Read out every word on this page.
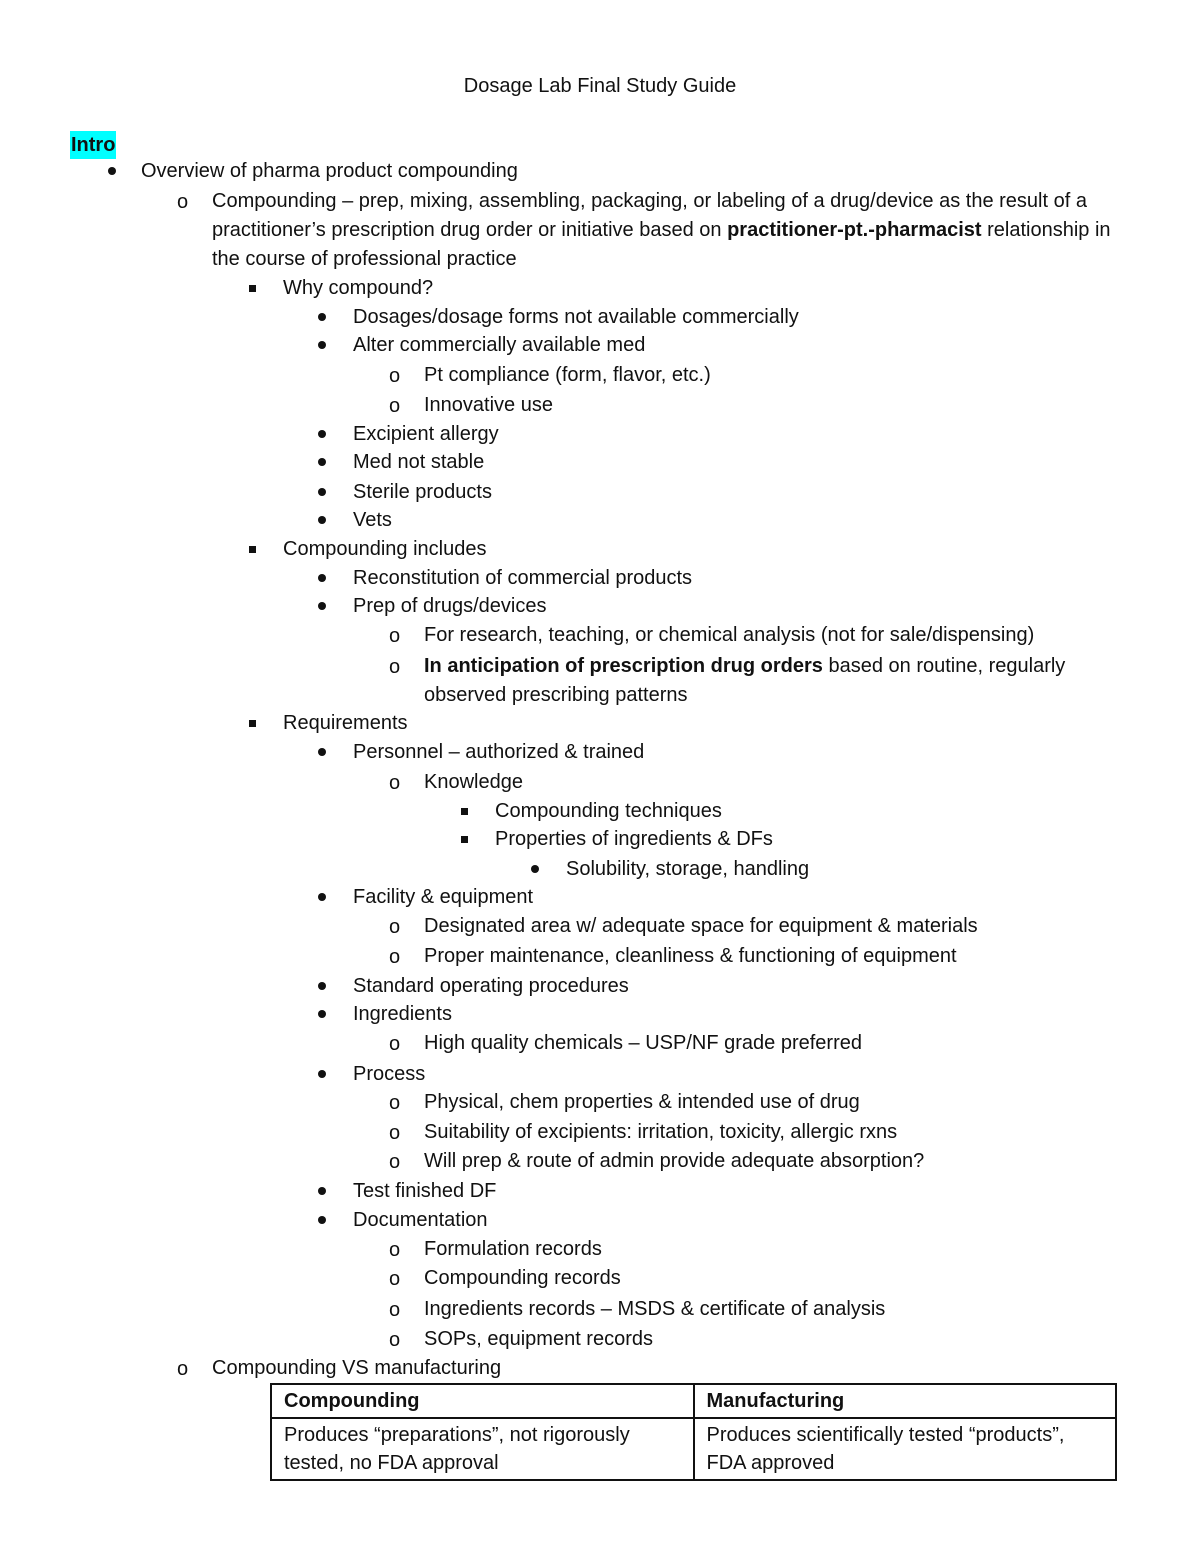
Dosage Lab Final Study Guide
Intro
Overview of pharma product compounding
Compounding – prep, mixing, assembling, packaging, or labeling of a drug/device as the result of a practitioner’s prescription drug order or initiative based on practitioner-pt.-pharmacist relationship in the course of professional practice
o
Why compound?
Dosages/dosage forms not available commercially
Alter commercially available med
Pt compliance (form, flavor, etc.)
o
Innovative use
o
Excipient allergy
Med not stable
Sterile products
Vets
Compounding includes
Reconstitution of commercial products
Prep of drugs/devices
For research, teaching, or chemical analysis (not for sale/dispensing)
o
In anticipation of prescription drug orders based on routine, regularly observed prescribing patterns
o
Requirements
Personnel – authorized & trained
Knowledge
o
Compounding techniques
Properties of ingredients & DFs
Solubility, storage, handling
Facility & equipment
Designated area w/ adequate space for equipment & materials
o
Proper maintenance, cleanliness & functioning of equipment
o
Standard operating procedures
Ingredients
High quality chemicals – USP/NF grade preferred
o
Process
Physical, chem properties & intended use of drug
o
Suitability of excipients: irritation, toxicity, allergic rxns
o
Will prep & route of admin provide adequate absorption?
o
Test finished DF
Documentation
Formulation records
o
Compounding records
o
Ingredients records – MSDS & certificate of analysis
o
SOPs, equipment records
o
Compounding VS manufacturing
o
Compounding	Manufacturing
Produces “preparations”, not rigorously tested, no FDA approval	Produces scientifically tested “products”, FDA approved
